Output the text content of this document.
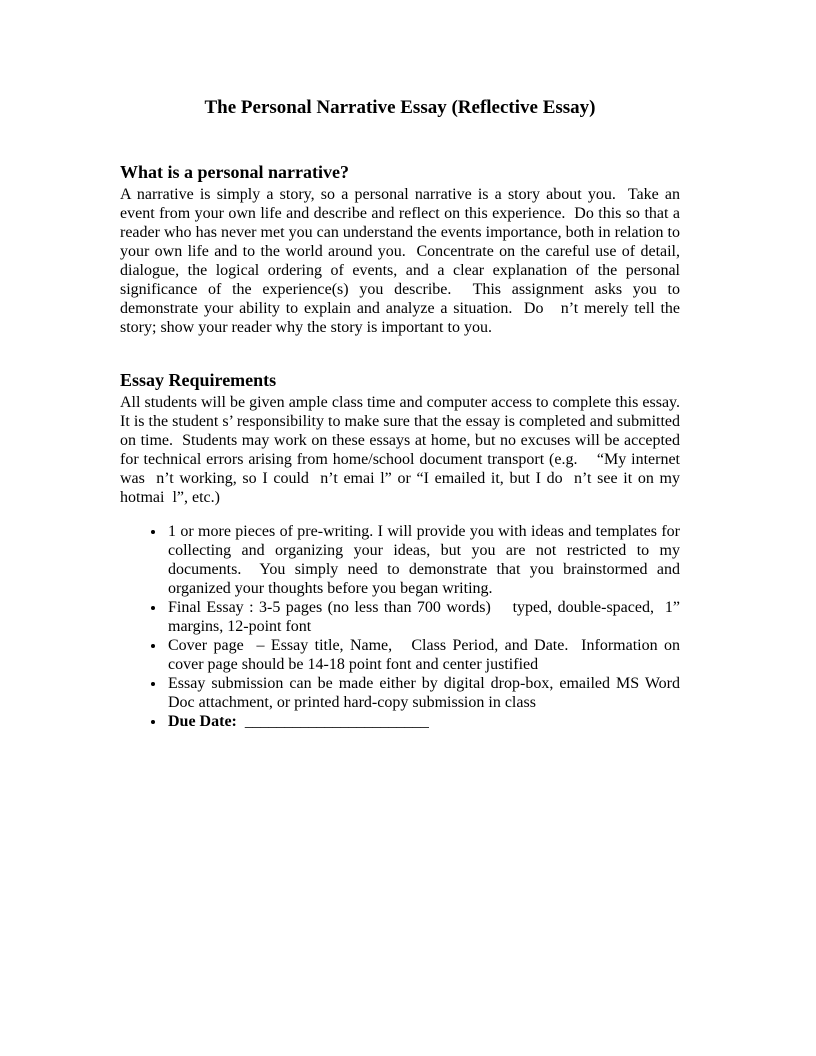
The Personal Narrative Essay (Reflective Essay)
What is a personal narrative?

A narrative is simply a story, so a personal narrative is a story about you.  Take an event from your own life and describe and reflect on this experience.  Do this so that a reader who has never met you can understand the events importance, both in relation to your own life and to the world around you.  Concentrate on the careful use of detail, dialogue, the logical ordering of events, and a clear explanation of the personal significance of the experience(s) you describe.  This assignment asks you to demonstrate your ability to explain and analyze a situation.  Do   n’t merely tell the story; show your reader why the story is important to you.

Essay Requirements

All students will be given ample class time and computer access to complete this essay.  It is the student s’ responsibility to make sure that the essay is completed and submitted on time.  Students may work on these essays at home, but no excuses will be accepted for technical errors arising from home/school document transport (e.g.    “My internet was  n’t working, so I could  n’t emai l” or “I emailed it, but I do  n’t see it on my hotmai  l”, etc.)

• 1 or more pieces of pre-writing. I will provide you with ideas and templates for collecting and organizing your ideas, but you are not restricted to my documents.  You simply need to demonstrate that you brainstormed and organized your thoughts before you began writing.
• Final Essay : 3-5 pages (no less than 700 words)    typed, double-spaced,  1” margins, 12-point font
• Cover page  – Essay title, Name,   Class Period, and Date.  Information on cover page should be 14-18 point font and center justified
• Essay submission can be made either by digital drop-box, emailed MS Word Doc attachment, or printed hard-copy submission in class
• Due Date: _______________________
